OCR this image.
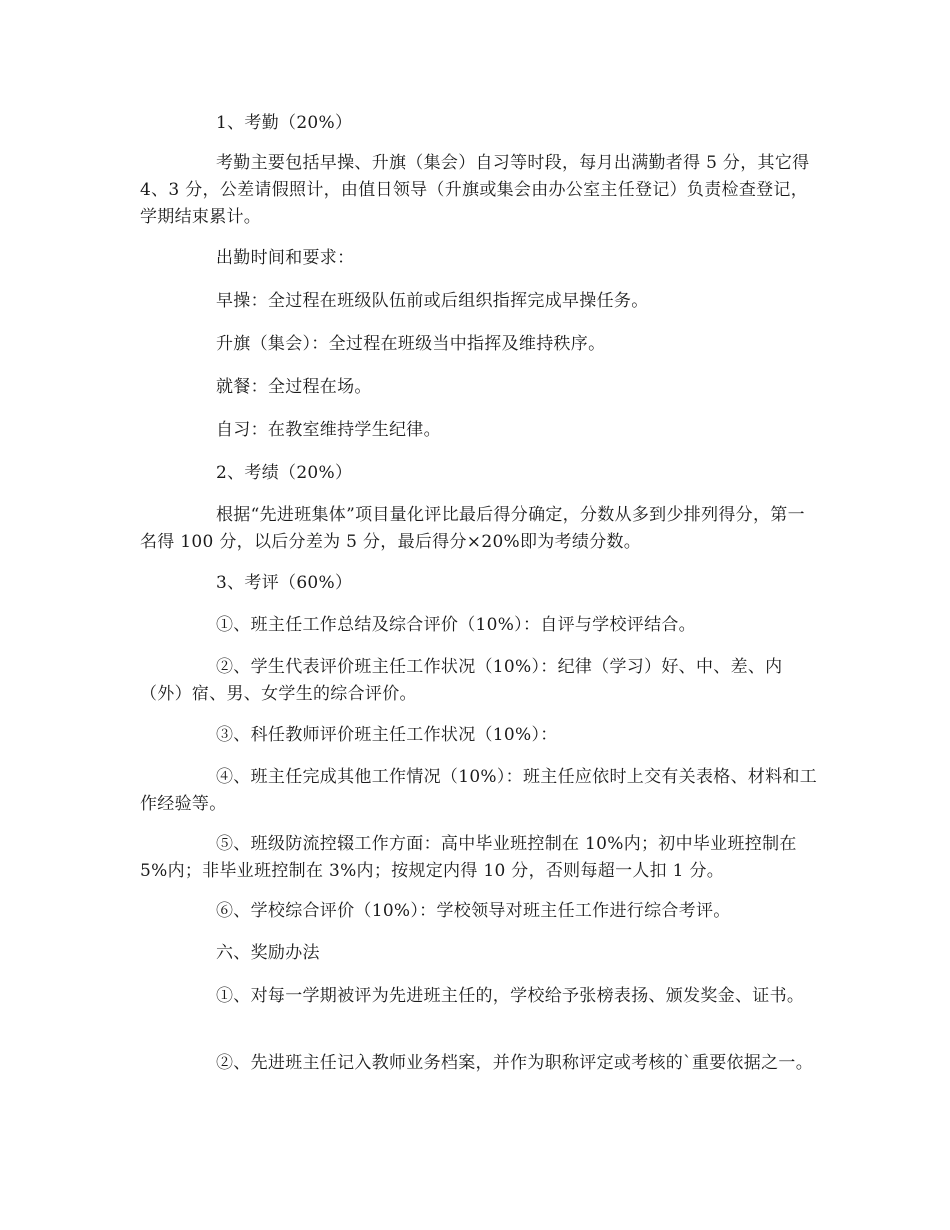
1、考勤（20%）

考勤主要包括早操、升旗（集会）自习等时段，每月出满勤者得 5 分，其它得 4、3 分，公差请假照计，由值日领导（升旗或集会由办公室主任登记）负责检查登记，学期结束累计。

出勤时间和要求：

早操：全过程在班级队伍前或后组织指挥完成早操任务。

升旗（集会）：全过程在班级当中指挥及维持秩序。

就餐：全过程在场。

自习：在教室维持学生纪律。

2、考绩（20%）

根据“先进班集体”项目量化评比最后得分确定，分数从多到少排列得分，第一名得 100 分，以后分差为 5 分，最后得分×20%即为考绩分数。

3、考评（60%）

①、班主任工作总结及综合评价（10%）：自评与学校评结合。

②、学生代表评价班主任工作状况（10%）：纪律（学习）好、中、差、内（外）宿、男、女学生的综合评价。

③、科任教师评价班主任工作状况（10%）：

④、班主任完成其他工作情况（10%）：班主任应依时上交有关表格、材料和工作经验等。

⑤、班级防流控辍工作方面：高中毕业班控制在 10%内；初中毕业班控制在 5%内；非毕业班控制在 3%内；按规定内得 10 分，否则每超一人扣 1 分。

⑥、学校综合评价（10%）：学校领导对班主任工作进行综合考评。

六、奖励办法

①、对每一学期被评为先进班主任的，学校给予张榜表扬、颁发奖金、证书。

②、先进班主任记入教师业务档案，并作为职称评定或考核的`重要依据之一。
